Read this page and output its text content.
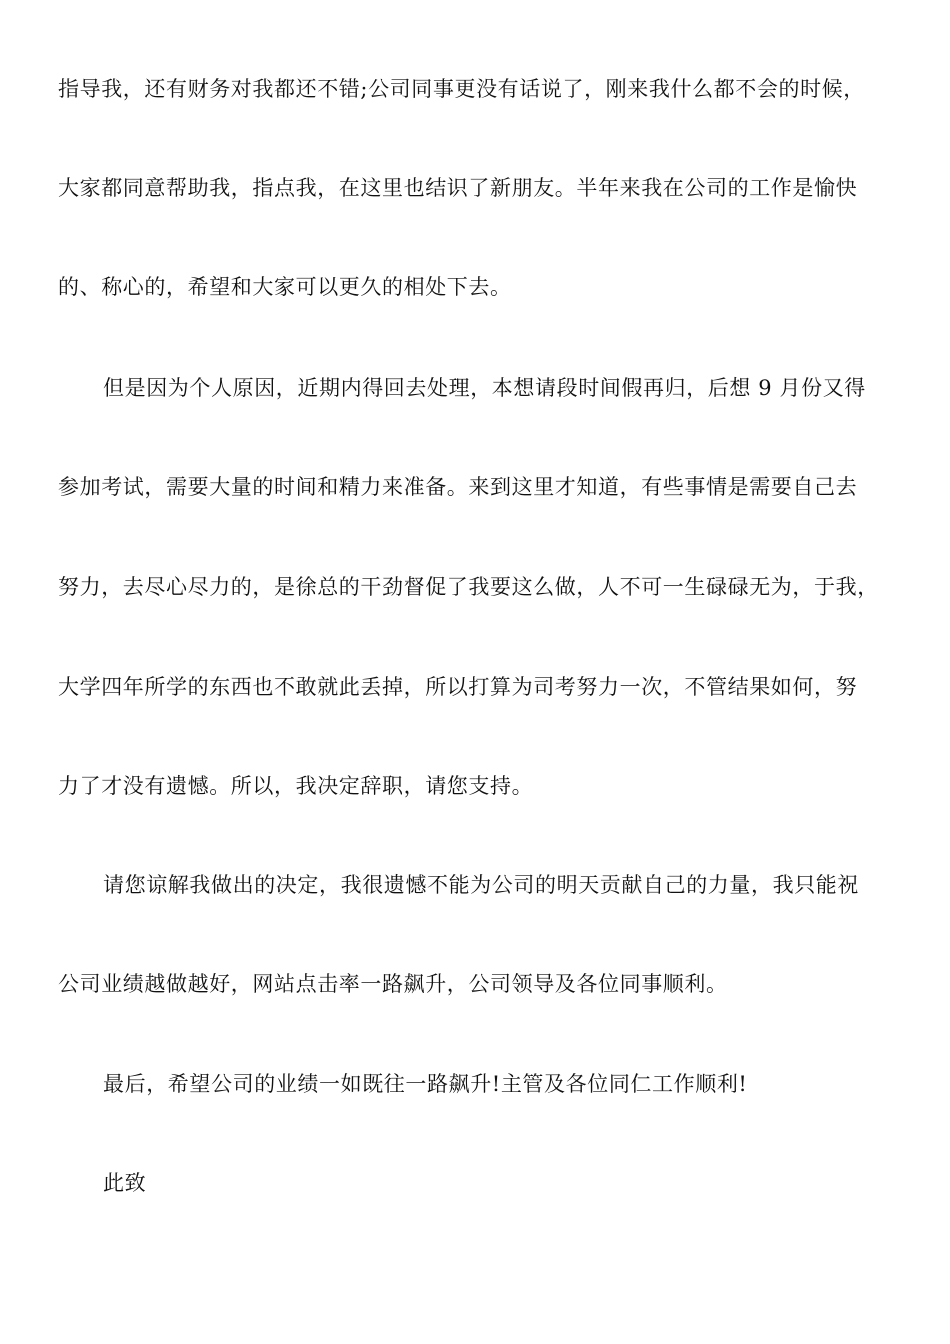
指导我，还有财务对我都还不错;公司同事更没有话说了，刚来我什么都不会的时候，
大家都同意帮助我，指点我，在这里也结识了新朋友。半年来我在公司的工作是愉快
的、称心的，希望和大家可以更久的相处下去。
但是因为个人原因，近期内得回去处理，本想请段时间假再归，后想 9 月份又得
参加考试，需要大量的时间和精力来准备。来到这里才知道，有些事情是需要自己去
努力，去尽心尽力的，是徐总的干劲督促了我要这么做，人不可一生碌碌无为，于我，
大学四年所学的东西也不敢就此丢掉，所以打算为司考努力一次，不管结果如何，努
力了才没有遗憾。所以，我决定辞职，请您支持。
请您谅解我做出的决定，我很遗憾不能为公司的明天贡献自己的力量，我只能祝
公司业绩越做越好，网站点击率一路飙升，公司领导及各位同事顺利。
最后，希望公司的业绩一如既往一路飙升!主管及各位同仁工作顺利!
此致
